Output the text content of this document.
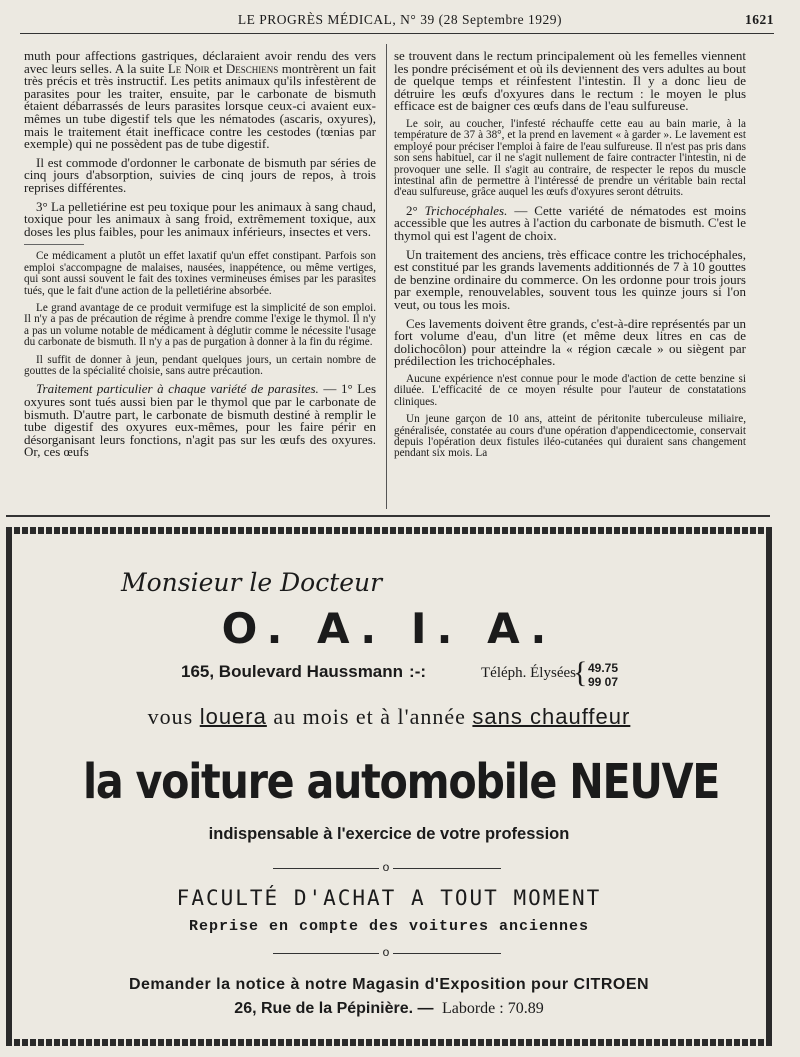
LE PROGRÈS MÉDICAL, N° 39 (28 Septembre 1929)	1621

muth pour affections gastriques, déclaraient avoir rendu des vers avec leurs selles. A la suite Le Noir et Deschiens montrèrent un fait très précis et très instructif. Les petits animaux qu'ils infestèrent de parasites pour les traiter, ensuite, par le carbonate de bismuth étaient débarrassés de leurs parasites lorsque ceux-ci avaient eux-mêmes un tube digestif tels que les nématodes (ascaris, oxyures), mais le traitement était inefficace contre les cestodes (tœnias par exemple) qui ne possèdent pas de tube digestif.

Il est commode d'ordonner le carbonate de bismuth par séries de cinq jours d'absorption, suivies de cinq jours de repos, à trois reprises différentes.

3° La pelletiérine est peu toxique pour les animaux à sang chaud, toxique pour les animaux à sang froid, extrêmement toxique, aux doses les plus faibles, pour les animaux inférieurs, insectes et vers.

Ce médicament a plutôt un effet laxatif qu'un effet constipant. Parfois son emploi s'accompagne de malaises, nausées, inappétence, ou même vertiges, qui sont aussi souvent le fait des toxines vermineuses émises par les parasites tués, que le fait d'une action de la pelletiérine absorbée.

Le grand avantage de ce produit vermifuge est la simplicité de son emploi. Il n'y a pas de précaution de régime à prendre comme l'exige le thymol. Il n'y a pas un volume notable de médicament à déglutir comme le nécessite l'usage du carbonate de bismuth. Il n'y a pas de purgation à donner à la fin du régime.

Il suffit de donner à jeun, pendant quelques jours, un certain nombre de gouttes de la spécialité choisie, sans autre précaution.

Traitement particulier à chaque variété de parasites. — 1° Les oxyures sont tués aussi bien par le thymol que par le carbonate de bismuth. D'autre part, le carbonate de bismuth destiné à remplir le tube digestif des oxyures eux-mêmes, pour les faire périr en désorganisant leurs fonctions, n'agit pas sur les œufs des oxyures. Or, ces œufs

se trouvent dans le rectum principalement où les femelles viennent les pondre précisément et où ils deviennent des vers adultes au bout de quelque temps et réinfestent l'intestin. Il y a donc lieu de détruire les œufs d'oxyures dans le rectum : le moyen le plus efficace est de baigner ces œufs dans de l'eau sulfureuse.

Le soir, au coucher, l'infesté réchauffe cette eau au bain marie, à la température de 37 à 38°, et la prend en lavement « à garder ». Le lavement est employé pour préciser l'emploi à faire de l'eau sulfureuse. Il n'est pas pris dans son sens habituel, car il ne s'agit nullement de faire contracter l'intestin, ni de provoquer une selle. Il s'agit au contraire, de respecter le repos du muscle intestinal afin de permettre à l'intéressé de prendre un véritable bain rectal d'eau sulfureuse, grâce auquel les œufs d'oxyures seront détruits.

2° Trichocéphales. — Cette variété de nématodes est moins accessible que les autres à l'action du carbonate de bismuth. C'est le thymol qui est l'agent de choix.

Un traitement des anciens, très efficace contre les trichocéphales, est constitué par les grands lavements additionnés de 7 à 10 gouttes de benzine ordinaire du commerce. On les ordonne pour trois jours par exemple, renouvelables, souvent tous les quinze jours si l'on veut, ou tous les mois.

Ces lavements doivent être grands, c'est-à-dire représentés par un fort volume d'eau, d'un litre (et même deux litres en cas de dolichocôlon) pour atteindre la « région cæcale » ou siègent par prédilection les trichocéphales.

Aucune expérience n'est connue pour le mode d'action de cette benzine si diluée. L'efficacité de ce moyen résulte pour l'auteur de constatations cliniques.

Un jeune garçon de 10 ans, atteint de péritonite tuberculeuse miliaire, généralisée, constatée au cours d'une opération d'appendicectomie, conservait depuis l'opération deux fistules iléo-cutanées qui duraient sans changement pendant six mois. La

Monsieur le Docteur
O. A. I. A.
165, Boulevard Haussmann :-:	Téléph. Élysées
{ 49.75
99 07
vous louera au mois et à l'année sans chauffeur
la voiture automobile NEUVE
indispensable à l'exercice de votre profession
o
FACULTÉ D'ACHAT A TOUT MOMENT
Reprise en compte des voitures anciennes
o
Demander la notice à notre Magasin d'Exposition pour CITROEN
26, Rue de la Pépinière. — Laborde : 70.89
